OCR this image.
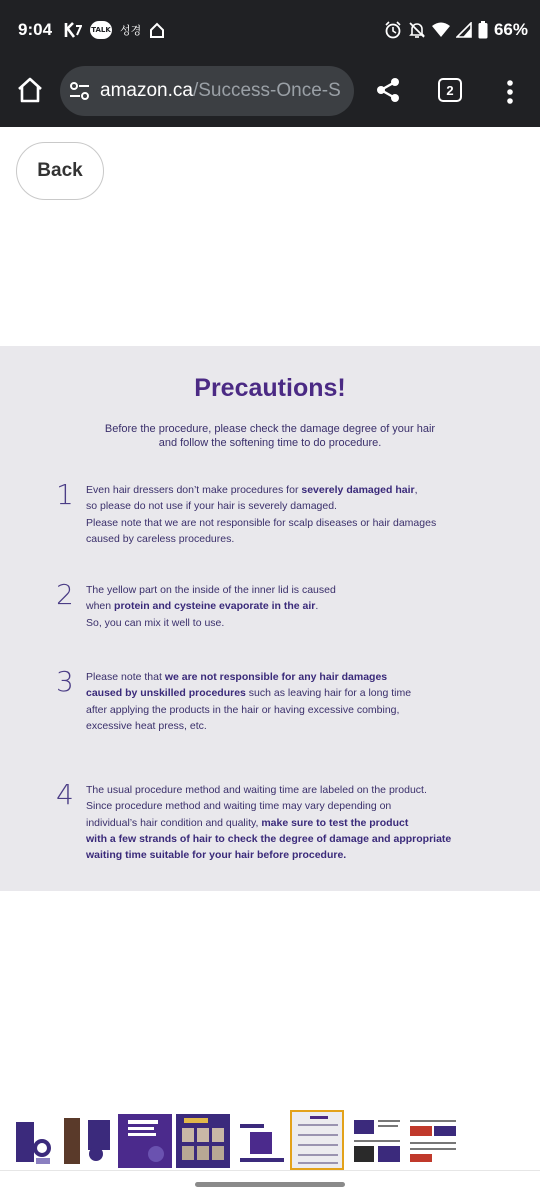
9:04	TALK 성경	66%
amazon.ca/Success-Once-S	2
Back
Precautions!
Before the procedure, please check the damage degree of your hair
and follow the softening time to do procedure.
1 Even hair dressers don’t make procedures for severely damaged hair,
so please do not use if your hair is severely damaged.
Please note that we are not responsible for scalp diseases or hair damages
caused by careless procedures.
2 The yellow part on the inside of the inner lid is caused
when protein and cysteine evaporate in the air.
So, you can mix it well to use.
3 Please note that we are not responsible for any hair damages
caused by unskilled procedures such as leaving hair for a long time
after applying the products in the hair or having excessive combing,
excessive heat press, etc.
4 The usual procedure method and waiting time are labeled on the product.
Since procedure method and waiting time may vary depending on
individual’s hair condition and quality, make sure to test the product
with a few strands of hair to check the degree of damage and appropriate
waiting time suitable for your hair before procedure.
